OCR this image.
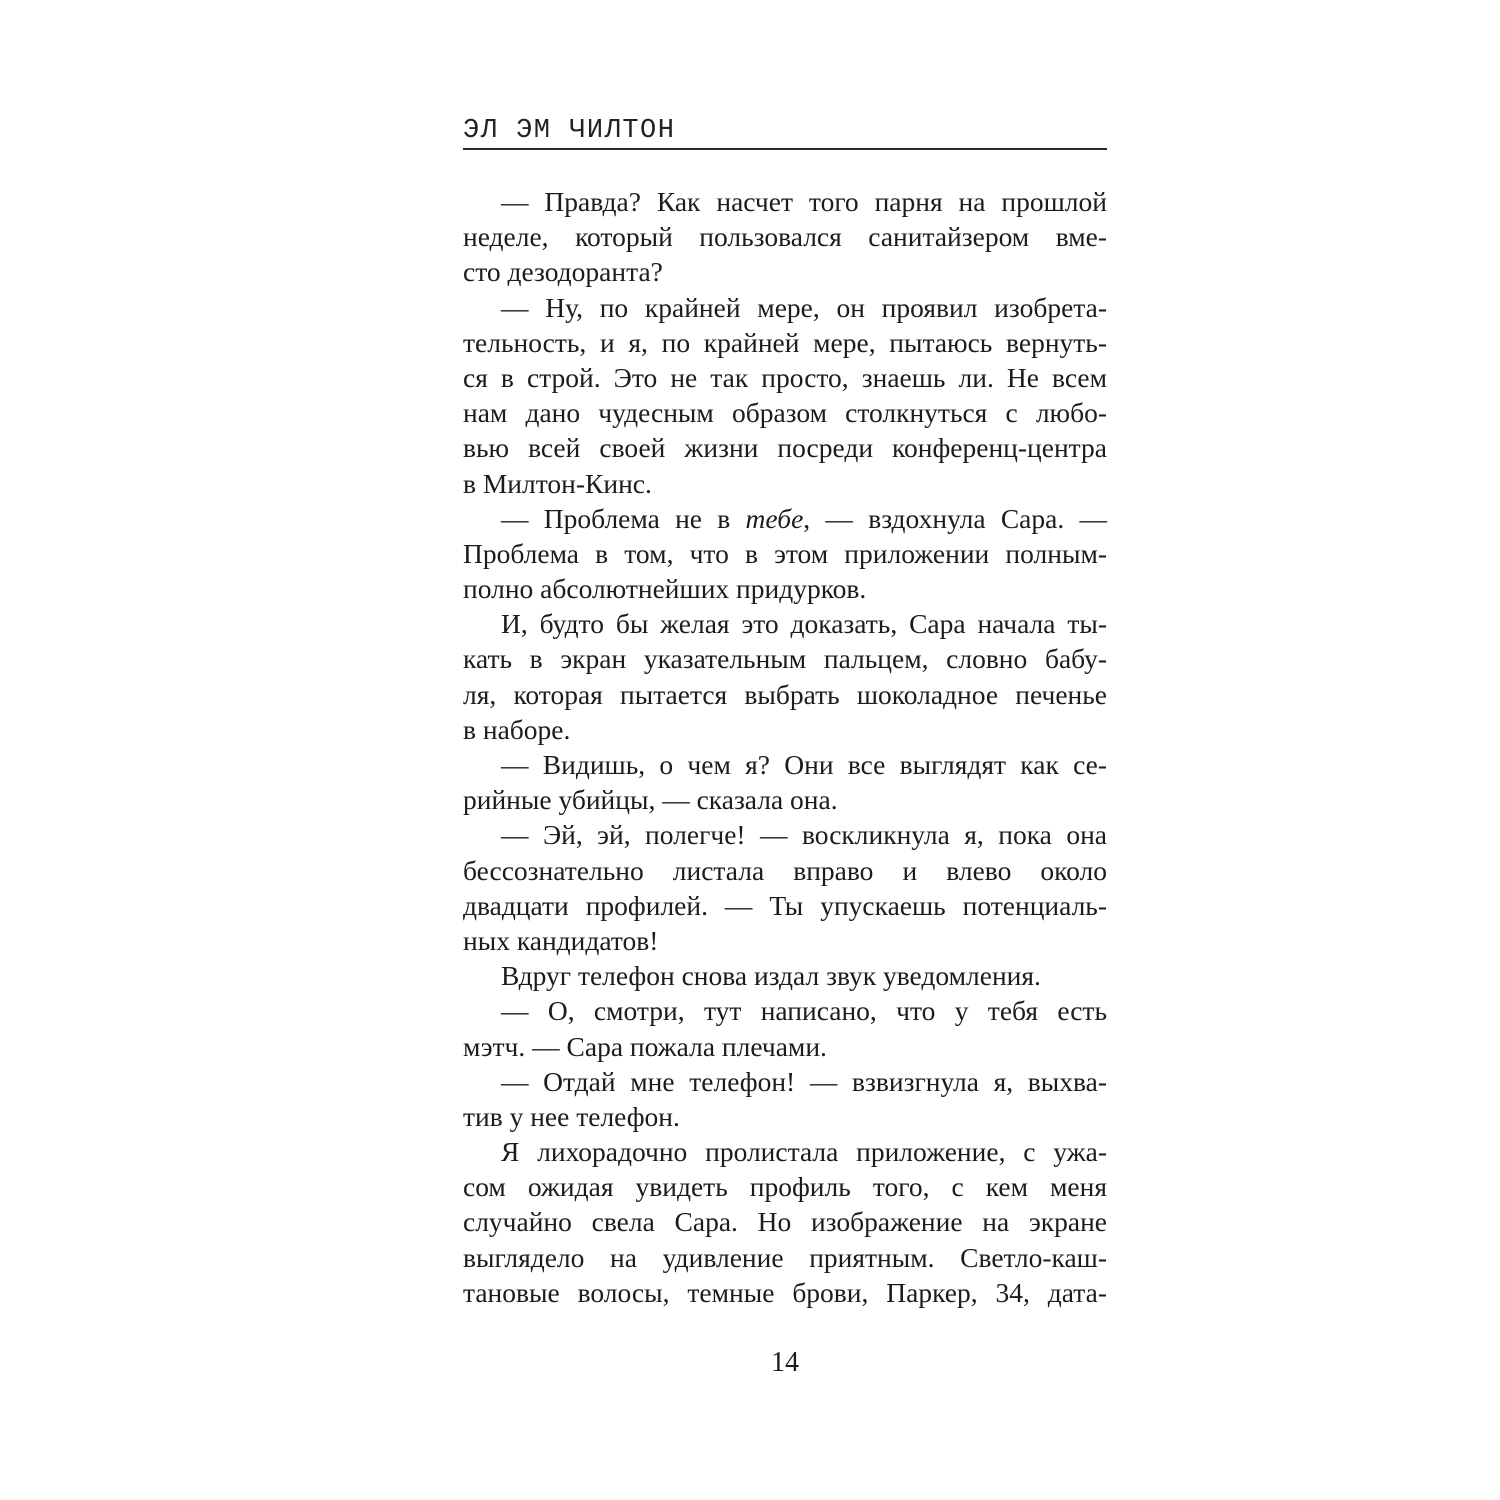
ЭЛ ЭМ ЧИЛТОН
— Правда? Как насчет того парня на прошлой
неделе, который пользовался санитайзером вме-
сто дезодоранта?
— Ну, по крайней мере, он проявил изобрета-
тельность, и я, по крайней мере, пытаюсь вернуть-
ся в строй. Это не так просто, знаешь ли. Не всем
нам дано чудесным образом столкнуться с любо-
вью всей своей жизни посреди конференц-центра
в Милтон-Кинс.
— Проблема не в тебе, — вздохнула Сара. —
Проблема в том, что в этом приложении полным-
полно абсолютнейших придурков.
И, будто бы желая это доказать, Сара начала ты-
кать в экран указательным пальцем, словно бабу-
ля, которая пытается выбрать шоколадное печенье
в наборе.
— Видишь, о чем я? Они все выглядят как се-
рийные убийцы, — сказала она.
— Эй, эй, полегче! — воскликнула я, пока она
бессознательно листала вправо и влево около
двадцати профилей. — Ты упускаешь потенциаль-
ных кандидатов!
Вдруг телефон снова издал звук уведомления.
— О, смотри, тут написано, что у тебя есть
мэтч. — Сара пожала плечами.
— Отдай мне телефон! — взвизгнула я, выхва-
тив у нее телефон.
Я лихорадочно пролистала приложение, с ужа-
сом ожидая увидеть профиль того, с кем меня
случайно свела Сара. Но изображение на экране
выглядело на удивление приятным. Светло-каш-
тановые волосы, темные брови, Паркер, 34, дата-
14
